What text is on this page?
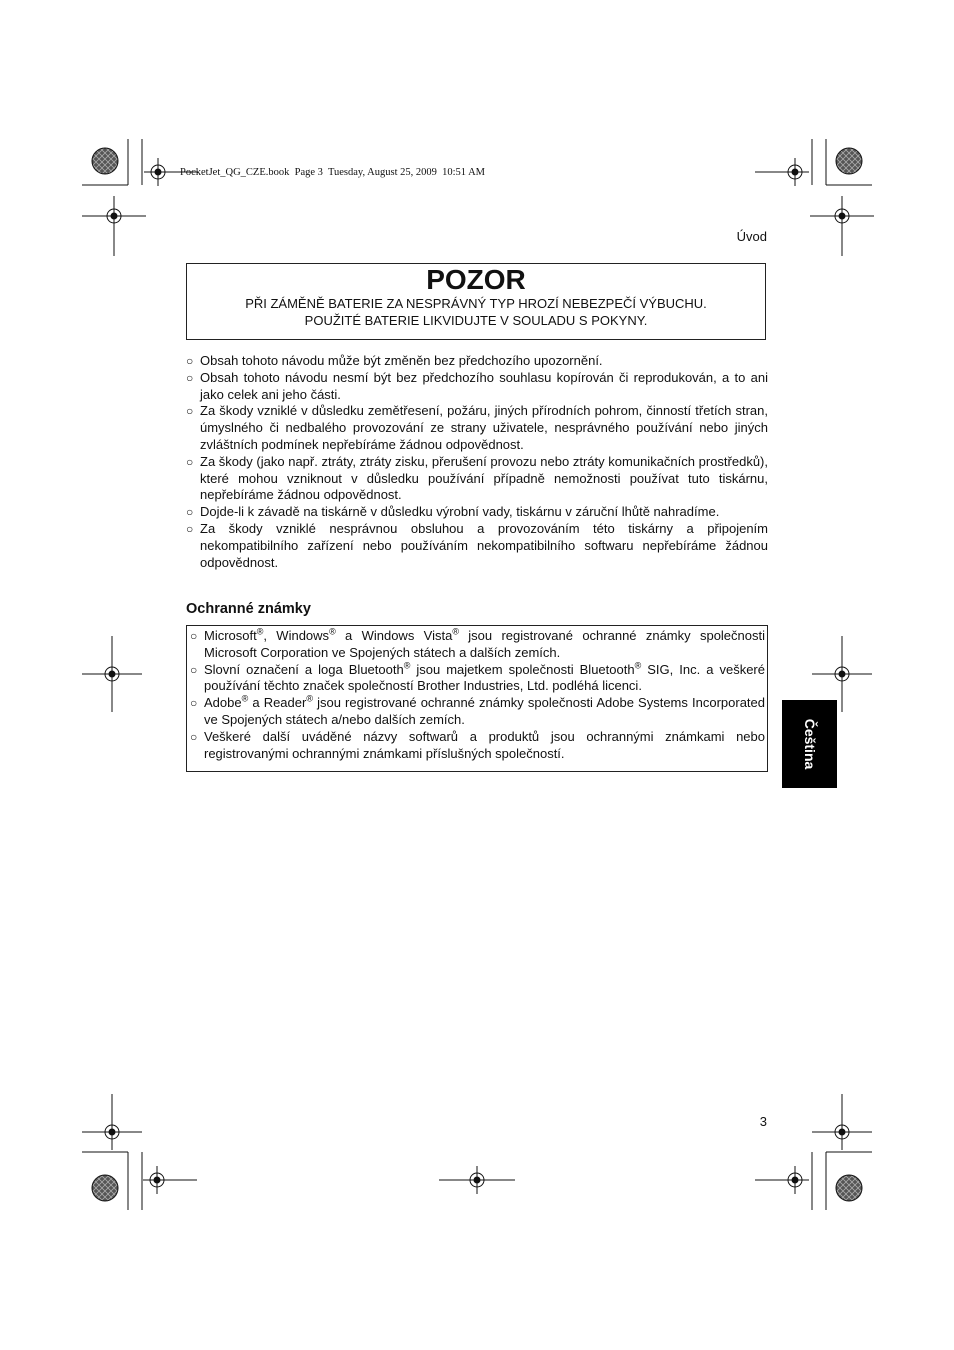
PocketJet_QG_CZE.book  Page 3  Tuesday, August 25, 2009  10:51 AM
Úvod
POZOR
PŘI ZÁMĚNĚ BATERIE ZA NESPRÁVNÝ TYP HROZÍ NEBEZPEČÍ VÝBUCHU.
POUŽITÉ BATERIE LIKVIDUJTE V SOULADU S POKYNY.
○ Obsah tohoto návodu může být změněn bez předchozího upozornění.
○ Obsah tohoto návodu nesmí být bez předchozího souhlasu kopírován či reprodukován, a to ani jako celek ani jeho části.
○ Za škody vzniklé v důsledku zemětřesení, požáru, jiných přírodních pohrom, činností třetích stran, úmyslného či nedbalého provozování ze strany uživatele, nesprávného používání nebo jiných zvláštních podmínek nepřebíráme žádnou odpovědnost.
○ Za škody (jako např. ztráty, ztráty zisku, přerušení provozu nebo ztráty komunikačních prostředků), které mohou vzniknout v důsledku používání případně nemožnosti používat tuto tiskárnu, nepřebíráme žádnou odpovědnost.
○ Dojde-li k závadě na tiskárně v důsledku výrobní vady, tiskárnu v záruční lhůtě nahradíme.
○ Za škody vzniklé nesprávnou obsluhou a provozováním této tiskárny a připojením nekompatibilního zařízení nebo používáním nekompatibilního softwaru nepřebíráme žádnou odpovědnost.
Ochranné známky
○ Microsoft®, Windows® a Windows Vista® jsou registrované ochranné známky společnosti Microsoft Corporation ve Spojených státech a dalších zemích.
○ Slovní označení a loga Bluetooth® jsou majetkem společnosti Bluetooth® SIG, Inc. a veškeré používání těchto značek společností Brother Industries, Ltd. podléhá licenci.
○ Adobe® a Reader® jsou registrované ochranné známky společnosti Adobe Systems Incorporated ve Spojených státech a/nebo dalších zemích.
○ Veškeré další uváděné názvy softwarů a produktů jsou ochrannými známkami nebo registrovanými ochrannými známkami příslušných společností.	Čeština
3
